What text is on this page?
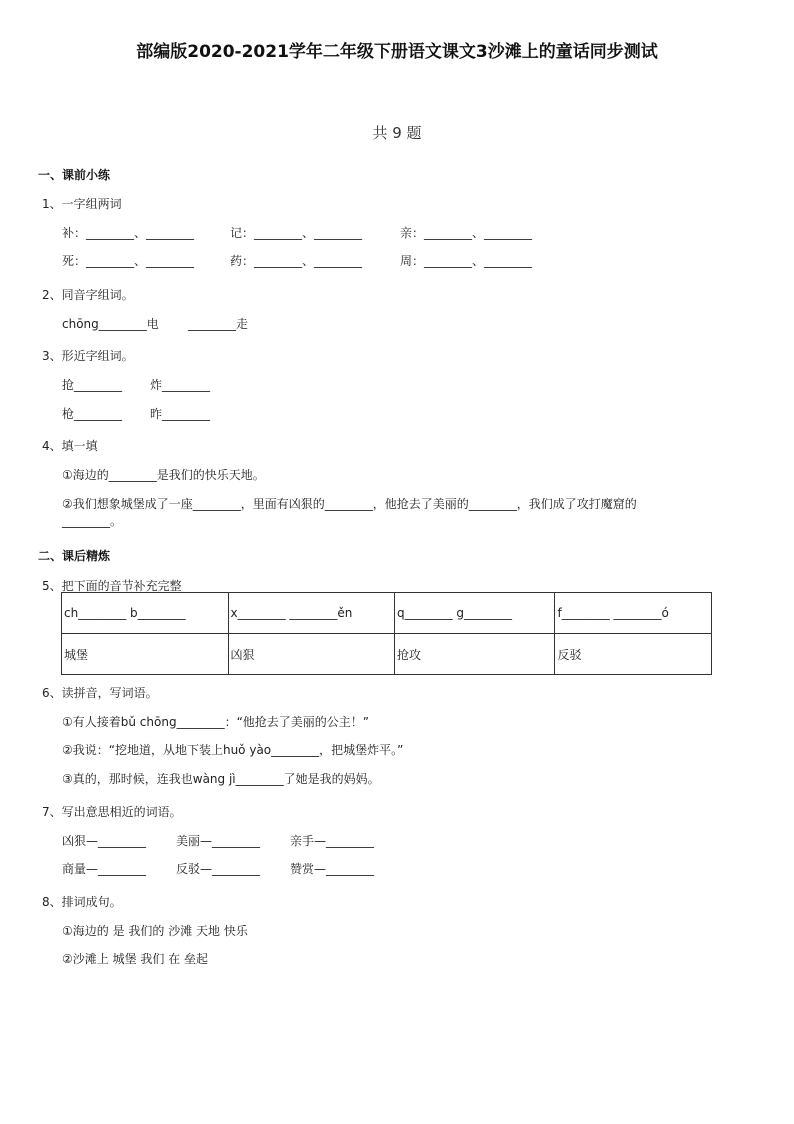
部编版2020-2021学年二年级下册语文课文3沙滩上的童话同步测试
共 9 题
一、课前小练
1、一字组两词
补：________、________	记：________、________	亲：________、________
死：________、________	药：________、________	周：________、________
2、同音字组词。
chōng________电 ________走
3、形近字组词。
抢________ 炸________
枪________ 昨________
4、填一填
①海边的________是我们的快乐天地。
②我们想象城堡成了一座________，里面有凶狠的________，他抢去了美丽的________，我们成了攻打魔窟的
________。
二、课后精炼
5、把下面的音节补充完整
ch________ b________	x________ ________ěn	q________ g________	f________ ________ó
城堡	凶狠	抢攻	反驳
6、读拼音，写词语。
①有人接着bǔ chōng________：“他抢去了美丽的公主！”
②我说：“挖地道，从地下装上huǒ yào________，把城堡炸平。”
③真的，那时候，连我也wàng jì________了她是我的妈妈。
7、写出意思相近的词语。
凶狠—________ 美丽—________ 亲手—________
商量—________ 反驳—________ 赞赏—________
8、排词成句。
①海边的 是 我们的 沙滩 天地 快乐
②沙滩上 城堡 我们 在 垒起
